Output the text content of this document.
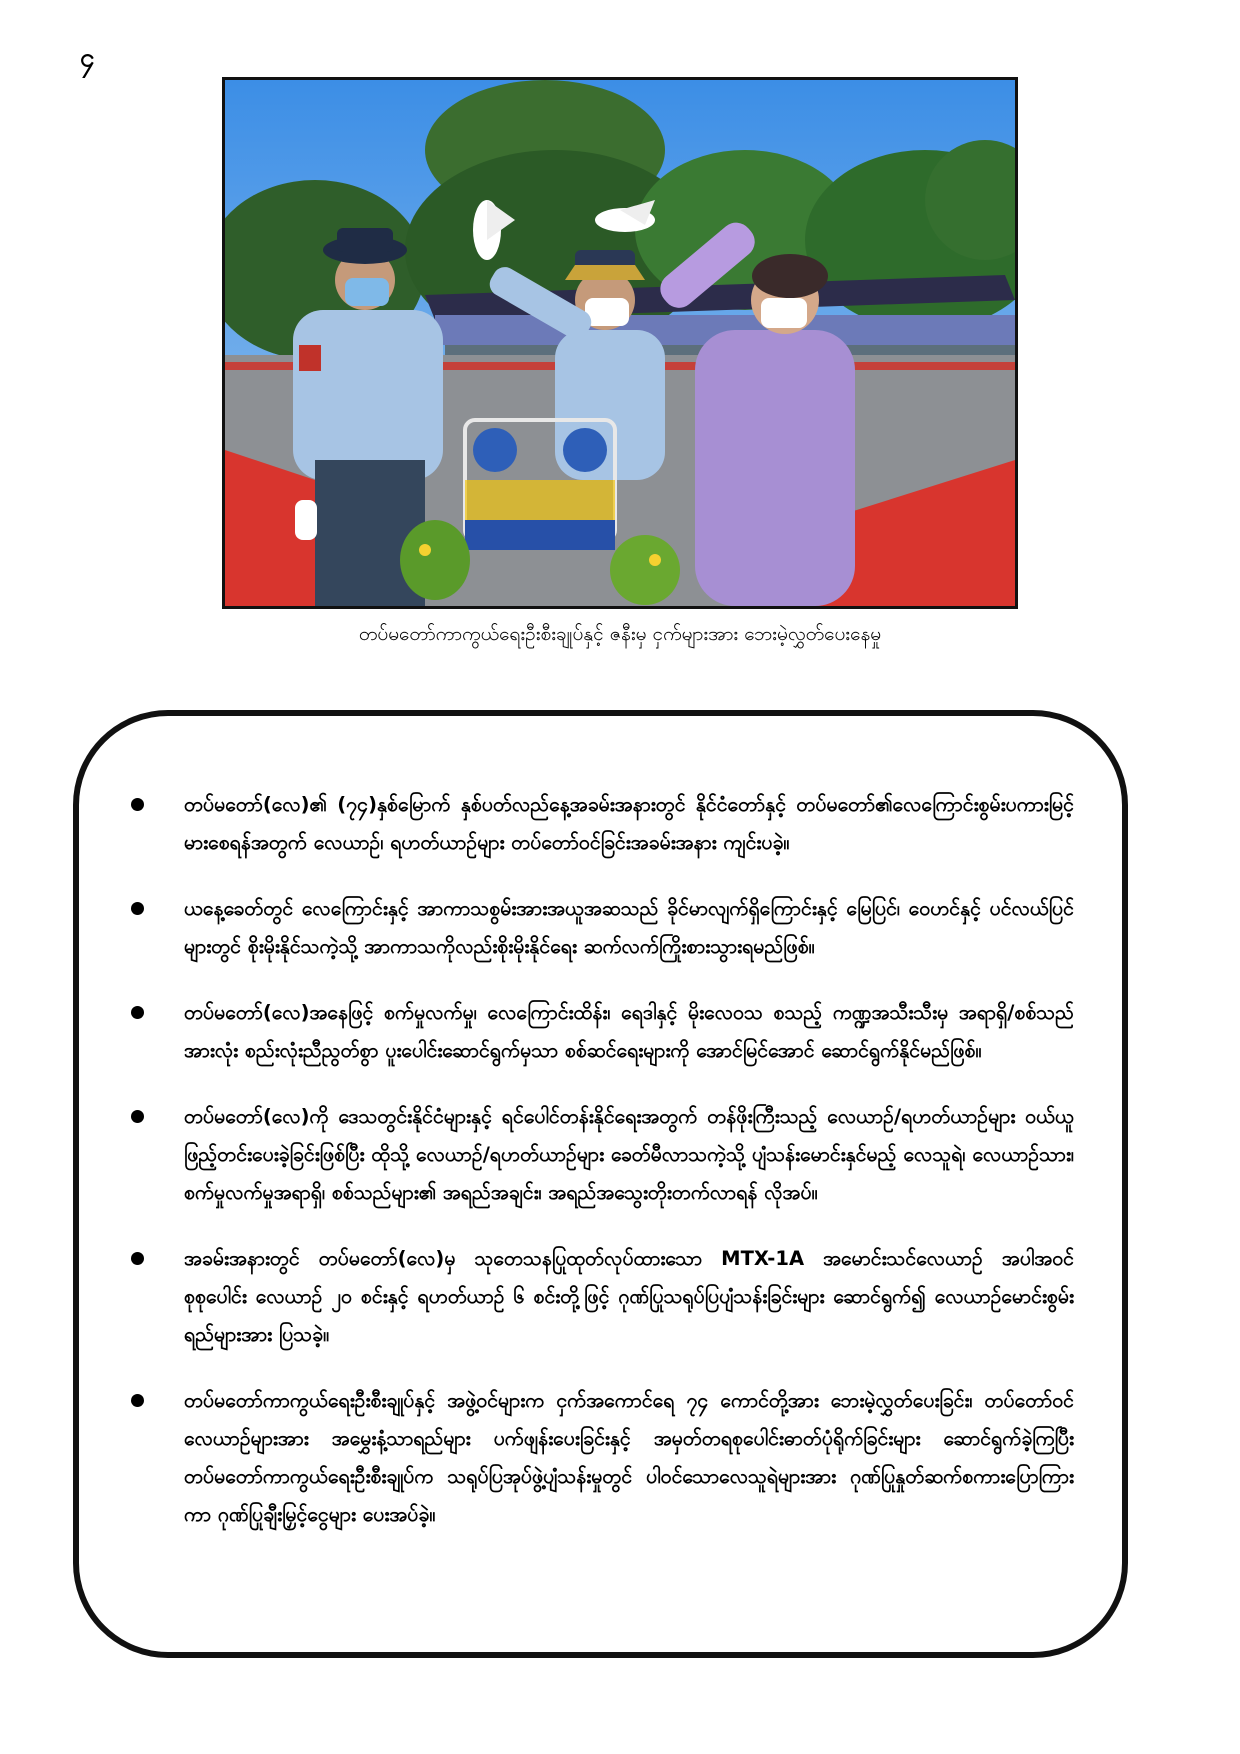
၄
တပ်မတော်ကာကွယ်ရေးဦးစီးချုပ်နှင့် ဇနီးမှ ငှက်များအား ဘေးမဲ့လွှတ်ပေးနေမှု
တပ်မတော်(လေ)၏ (၇၄)နှစ်မြောက် နှစ်ပတ်လည်နေ့အခမ်းအနားတွင် နိုင်ငံတော်နှင့် တပ်မတော်၏လေကြောင်းစွမ်းပကားမြင့်မားစေရန်အတွက် လေယာဉ်၊ ရဟတ်ယာဉ်များ တပ်တော်ဝင်ခြင်းအခမ်းအနား ကျင်းပခဲ့။
ယနေ့ခေတ်တွင် လေကြောင်းနှင့် အာကာသစွမ်းအားအယူအဆသည် ခိုင်မာလျက်ရှိကြောင်းနှင့် မြေပြင်၊ ဝေဟင်နှင့် ပင်လယ်ပြင်များတွင် စိုးမိုးနိုင်သကဲ့သို့ အာကာသကိုလည်းစိုးမိုးနိုင်ရေး ဆက်လက်ကြိုးစားသွားရမည်ဖြစ်။
တပ်မတော်(လေ)အနေဖြင့် စက်မှုလက်မှု၊ လေကြောင်းထိန်း၊ ရေဒါနှင့် မိုးလေဝသ စသည့် ကဏ္ဍအသီးသီးမှ အရာရှိ/စစ်သည်အားလုံး စည်းလုံးညီညွတ်စွာ ပူးပေါင်းဆောင်ရွက်မှသာ စစ်ဆင်ရေးများကို အောင်မြင်အောင် ဆောင်ရွက်နိုင်မည်ဖြစ်။
တပ်မတော်(လေ)ကို ဒေသတွင်းနိုင်ငံများနှင့် ရင်ပေါင်တန်းနိုင်ရေးအတွက် တန်ဖိုးကြီးသည့် လေယာဉ်/ရဟတ်ယာဉ်များ ဝယ်ယူဖြည့်တင်းပေးခဲ့ခြင်းဖြစ်ပြီး ထိုသို့ လေယာဉ်/ရဟတ်ယာဉ်များ ခေတ်မီလာသကဲ့သို့ ပျံသန်းမောင်းနှင်မည့် လေသူရဲ၊ လေယာဉ်သား၊ စက်မှုလက်မှုအရာရှိ၊ စစ်သည်များ၏ အရည်အချင်း၊ အရည်အသွေးတိုးတက်လာရန် လိုအပ်။
အခမ်းအနားတွင် တပ်မတော်(လေ)မှ သုတေသနပြုထုတ်လုပ်ထားသော MTX-1A အမောင်းသင်လေယာဉ် အပါအဝင် စုစုပေါင်း လေယာဉ် ၂၀ စင်းနှင့် ရဟတ်ယာဉ် ၆ စင်းတို့ဖြင့် ဂုဏ်ပြုသရုပ်ပြပျံသန်းခြင်းများ ဆောင်ရွက်၍ လေယာဉ်မောင်းစွမ်းရည်များအား ပြသခဲ့။
တပ်မတော်ကာကွယ်ရေးဦးစီးချုပ်နှင့် အဖွဲ့ဝင်များက ငှက်အကောင်ရေ ၇၄ ကောင်တို့အား ဘေးမဲ့လွှတ်ပေးခြင်း၊ တပ်တော်ဝင်လေယာဉ်များအား အမွှေးနံ့သာရည်များ ပက်ဖျန်းပေးခြင်းနှင့် အမှတ်တရစုပေါင်းဓာတ်ပုံရိုက်ခြင်းများ ဆောင်ရွက်ခဲ့ကြပြီး တပ်မတော်ကာကွယ်ရေးဦးစီးချုပ်က သရုပ်ပြအုပ်ဖွဲ့ပျံသန်းမှုတွင် ပါဝင်သောလေသူရဲများအား ဂုဏ်ပြုနှုတ်ဆက်စကားပြောကြားကာ ဂုဏ်ပြုချီးမြှင့်ငွေများ ပေးအပ်ခဲ့။
